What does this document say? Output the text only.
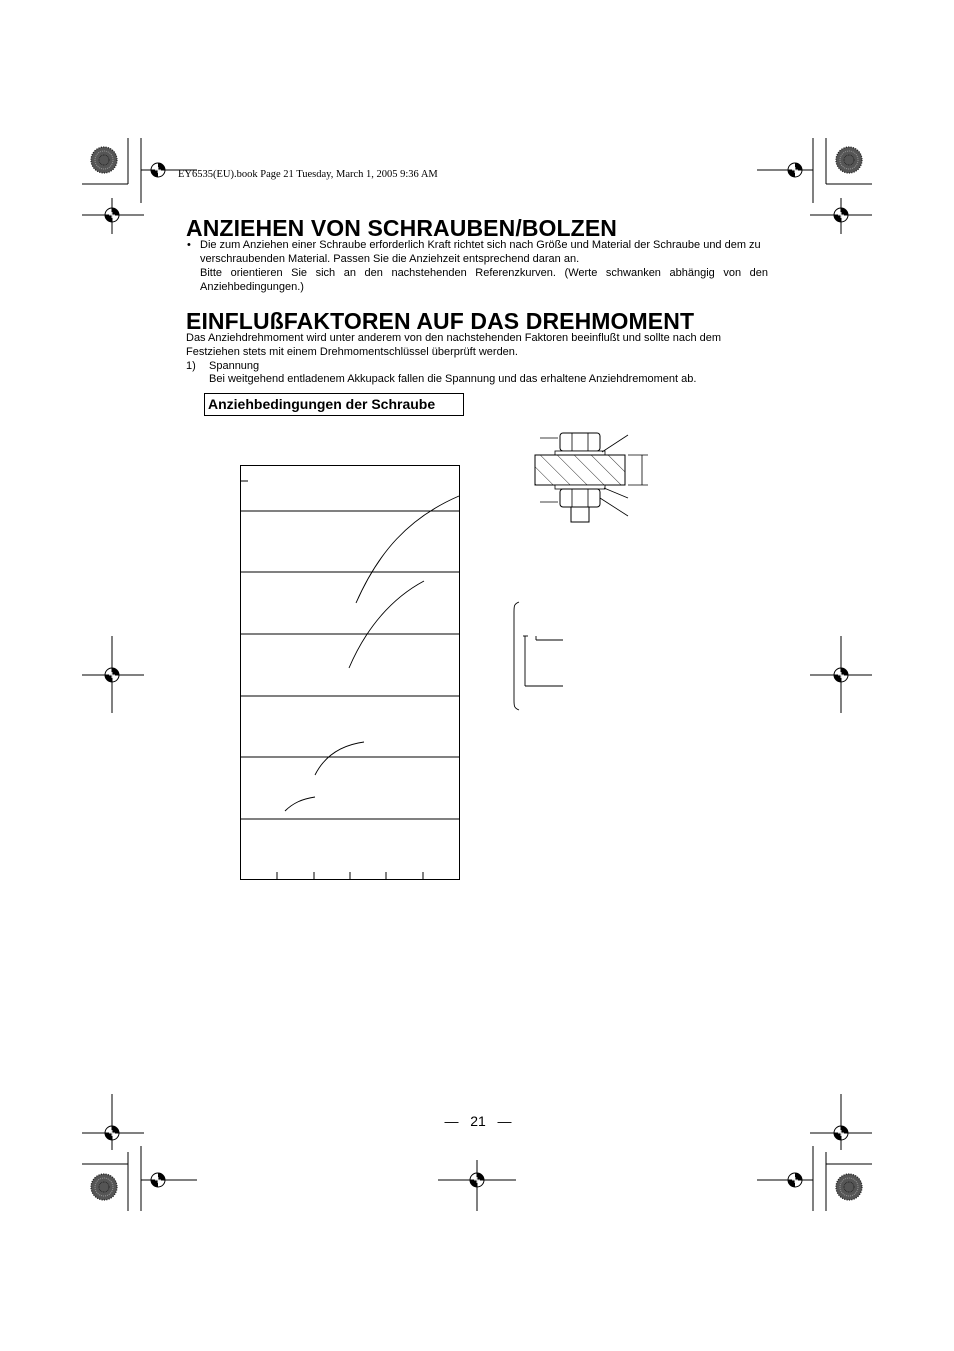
EY6535(EU).book Page 21 Tuesday, March 1, 2005 9:36 AM
ANZIEHEN VON SCHRAUBEN/BOLZEN
• Die zum Anziehen einer Schraube erforderlich Kraft richtet sich nach Größe und Material der Schraube und dem zu verschraubenden Material. Passen Sie die Anziehzeit entsprechend daran an.
Bitte orientieren Sie sich an den nachstehenden Referenzkurven. (Werte schwanken abhängig von den Anziehbedingungen.)
EINFLUßFAKTOREN AUF DAS DREHMOMENT
Das Anziehdrehmoment wird unter anderem von den nachstehenden Faktoren beeinflußt und sollte nach dem Festziehen stets mit einem Drehmomentschlüssel überprüft werden.
1) Spannung
Bei weitgehend entladenem Akkupack fallen die Spannung und das erhaltene Anziehdremoment ab.
Anziehbedingungen der Schraube
— 21 —
